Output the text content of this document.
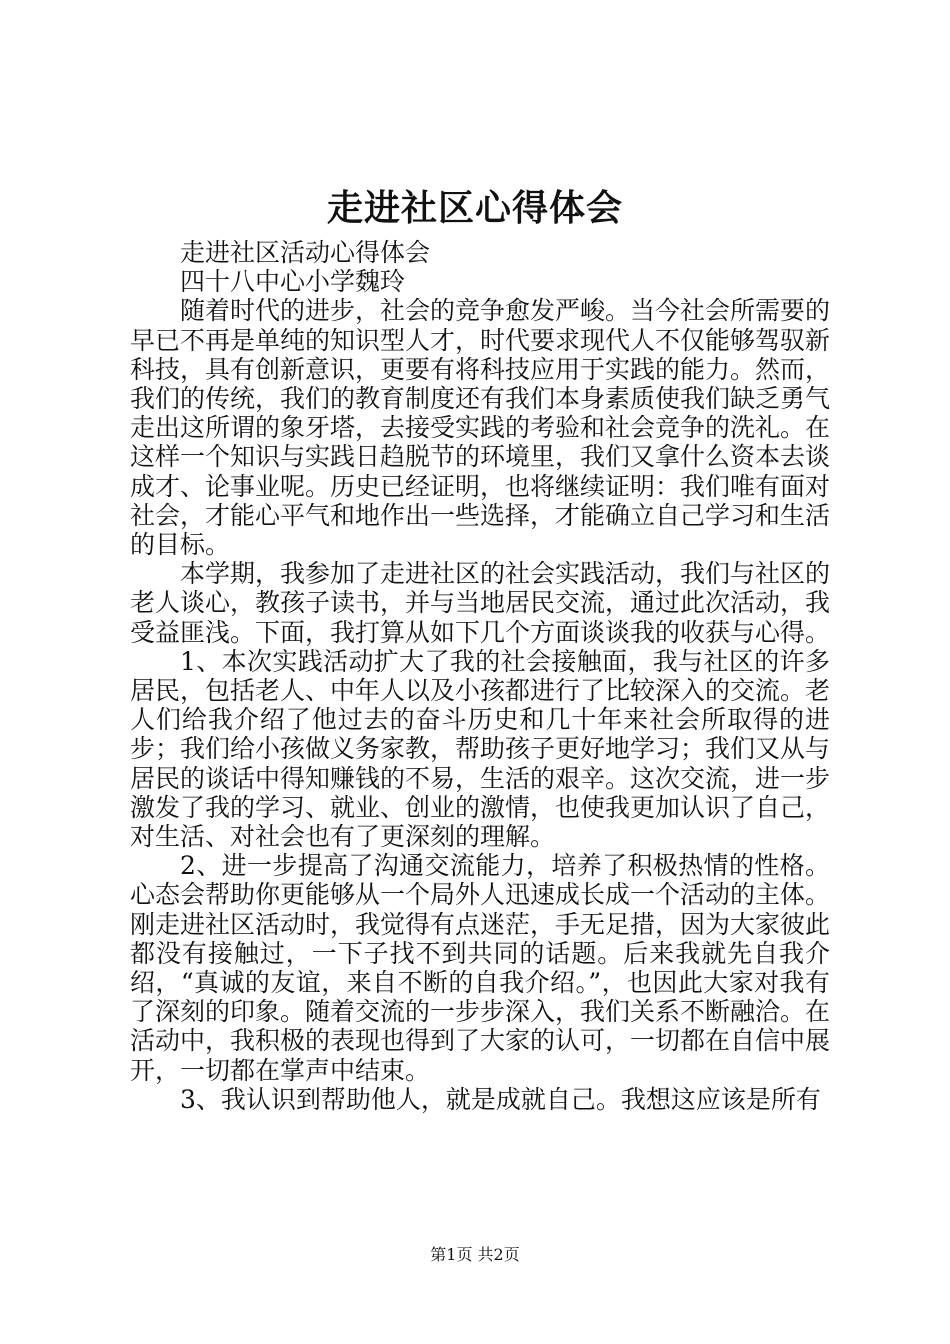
走进社区心得体会

走进社区活动心得体会

四十八中心小学魏玲

随着时代的进步，社会的竞争愈发严峻。当今社会所需要的早已不再是单纯的知识型人才，时代要求现代人不仅能够驾驭新科技，具有创新意识，更要有将科技应用于实践的能力。然而，我们的传统，我们的教育制度还有我们本身素质使我们缺乏勇气走出这所谓的象牙塔，去接受实践的考验和社会竞争的洗礼。在这样一个知识与实践日趋脱节的环境里，我们又拿什么资本去谈成才、论事业呢。历史已经证明，也将继续证明：我们唯有面对社会，才能心平气和地作出一些选择，才能确立自己学习和生活的目标。

本学期，我参加了走进社区的社会实践活动，我们与社区的老人谈心，教孩子读书，并与当地居民交流，通过此次活动，我受益匪浅。下面，我打算从如下几个方面谈谈我的收获与心得。

1、本次实践活动扩大了我的社会接触面，我与社区的许多居民，包括老人、中年人以及小孩都进行了比较深入的交流。老人们给我介绍了他过去的奋斗历史和几十年来社会所取得的进步；我们给小孩做义务家教，帮助孩子更好地学习；我们又从与居民的谈话中得知赚钱的不易，生活的艰辛。这次交流，进一步激发了我的学习、就业、创业的激情，也使我更加认识了自己，对生活、对社会也有了更深刻的理解。

2、进一步提高了沟通交流能力，培养了积极热情的性格。心态会帮助你更能够从一个局外人迅速成长成一个活动的主体。刚走进社区活动时，我觉得有点迷茫，手无足措，因为大家彼此都没有接触过，一下子找不到共同的话题。后来我就先自我介绍，“真诚的友谊，来自不断的自我介绍。”，也因此大家对我有了深刻的印象。随着交流的一步步深入，我们关系不断融洽。在活动中，我积极的表现也得到了大家的认可，一切都在自信中展开，一切都在掌声中结束。

3、我认识到帮助他人，就是成就自己。我想这应该是所有

第1页 共2页
